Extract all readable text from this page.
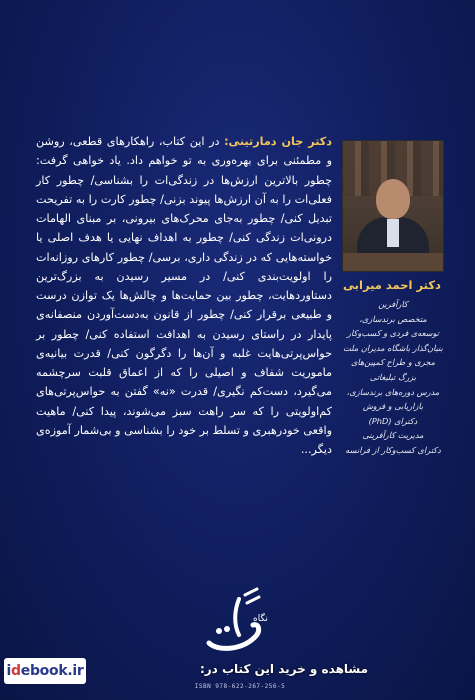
دکتر احمد میرابی
کارآفرین
متخصص برندسازی،
توسعه‌ی فردی و کسب‌وکار
بنیان‌گذار باشگاه مدیران ملت
مجری و طراح کمپین‌های
بزرگ تبلیغاتی
مدرس دوره‌های برندسازی،
بازاریابی و فروش
دکترای (PhD)
مدیریت کارآفرینی
دکترای کسب‌وکار از فرانسه
دکتر جان دمارتینی: در این کتاب، راهکارهای قطعی، روشن و مطمئنی برای بهره‌وری به تو خواهم داد. یاد خواهی گرفت: چطور بالاترین ارزش‌ها در زندگی‌ات را بشناسی/ چطور کار فعلی‌ات را به آن ارزش‌ها پیوند بزنی/ چطور کارت را به تفریحت تبدیل کنی/ چطور به‌جای محرک‌های بیرونی، بر مبنای الهامات درونی‌ات زندگی کنی/ چطور به اهداف نهایی یا هدف اصلی یا خواسته‌هایی که در زندگی داری، برسی/ چطور کارهای روزانه‌ات را اولویت‌بندی کنی/ در مسیر رسیدن به بزرگ‌ترین دستاوردهایت، چطور بین حمایت‌ها و چالش‌ها یک توازن درست و طبیعی برقرار کنی/ چطور از قانون به‌دست‌آوردن منصفانه‌ی پایدار در راستای رسیدن به اهدافت استفاده کنی/ چطور بر حواس‌پرتی‌هایت غلبه و آن‌ها را دگرگون کنی/ قدرت بیانیه‌ی ماموریت شفاف و اصیلی را که از اعماق قلبت سرچشمه می‌گیرد، دست‌کم نگیری/ قدرت «نه» گفتن به حواس‌پرتی‌های کم‌اولویتی را که سر راهت سبز می‌شوند، پیدا کنی/ ماهیت واقعی خودرهبری و تسلط بر خود را بشناسی و بی‌شمار آموزه‌ی دیگر...
نگاه
idebook.ir	مشاهده و خرید این کتاب در:
ISBN 978-622-267-256-5
